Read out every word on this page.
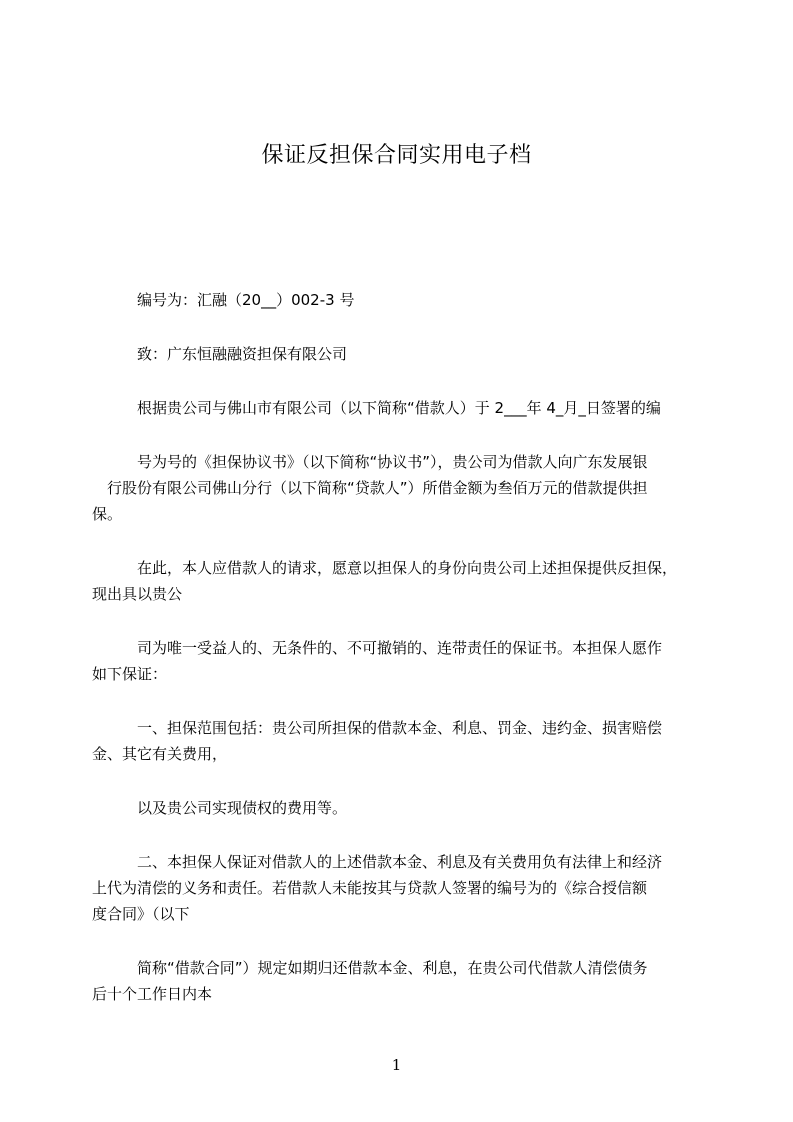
保证反担保合同实用电子档
编号为：汇融（20__）002-3 号
致：广东恒融融资担保有限公司
根据贵公司与佛山市有限公司（以下简称“借款人）于 2___年 4_月_日签署的编
号为号的《担保协议书》（以下简称“协议书”），贵公司为借款人向广东发展银
行股份有限公司佛山分行（以下简称“贷款人”）所借金额为叁佰万元的借款提供担
保。
在此，本人应借款人的请求，愿意以担保人的身份向贵公司上述担保提供反担保，
现出具以贵公
司为唯一受益人的、无条件的、不可撤销的、连带责任的保证书。本担保人愿作
如下保证：
一、担保范围包括：贵公司所担保的借款本金、利息、罚金、违约金、损害赔偿
金、其它有关费用，
以及贵公司实现债权的费用等。
二、本担保人保证对借款人的上述借款本金、利息及有关费用负有法律上和经济
上代为清偿的义务和责任。若借款人未能按其与贷款人签署的编号为的《综合授信额
度合同》（以下
简称“借款合同”）规定如期归还借款本金、利息，在贵公司代借款人清偿债务
后十个工作日内本
1
